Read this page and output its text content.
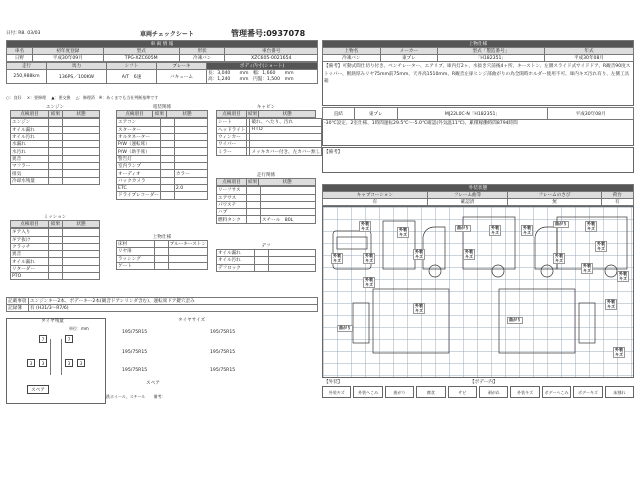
日付: R8. 03/03	車両チェックシート	管理番号:0937078
車 両 情 報				
車名	初年度登録	型式	形状	車台番号
日野	平成30年09月	TPG-XZC605M	冷凍バン	XZC605-0021654
走行	馬力	シフト	ブレーキ	ボディ内寸(ショート)
250,988km	136PS／100KW	A/T　6速	バキューム	長：3,040　　mm　幅：1,660　　mm
高：1,240　　mm　円盤：1,500　mm
○：良好　 ×：要修理　 ▲：要交換　 △：修理済　※：あくまでも当社判断基準です
エンジン
点検項目	結果	状態
エンジン		
オイル漏れ		
オイル汚れ		
水漏れ		
水汚れ		
異音		
マフラー		
排気		
冷却水残量		
電装関係
点検項目	結果	状態
エアコン		
スターター		
オルタネーター		
P/W（運転席）		
P/W（助手席）		
警告灯		
室内ランプ		
オーディオ		カラー
バックカメラ		
ETC		2.0
ドライブレコーダー		
キャビン
点検項目	結果	状態
シート		破れ、へたり、汚れ
ヘッドライト		H I D
ウィンカー		
ワイパー		
ミラー		メッキカバー付き、左カバー無し
走行関係
点検項目	結果	状態
リーフサス		
エアサス		
パワステ		
ハブ		
燃料タンク		スチール　80L
ミッション
点検項目	結果	状態
ギア入り		
ギア抜け		
クラッチ		
異音		
オイル漏れ		
リターダー		
PTO		
上物仕様
床材		ブルーキーストン
リヤ扉		
ラッシング		
ゲート		
デフ
オイル漏れ		
オイル汚れ		
デフロック		
記載事項	エンジンキー2本、ボデーキー2本(観音ドアシリンダ含む)、運転席ドア鍵穴歪み
記録簿	有 (H31/3～R7/6)
タイヤ残量
単位：mm
7	7
3	3	3	3
スペア
タイヤサイズ
195/75R15	195/75R15
195/75R15	195/75R15
195/75R15	195/75R15
スペア
鉄ホイール、スチール　　備考：
上物仕様			
上物名	メーカー	型式「製造番号」	年式
冷凍バン	東プレ	「H182351」	平成30年08月
【備考】可動式間仕切り付き、ベンチレーター、エアリブ、庫内灯2ヶ、水抜き穴前後4ヶ所、キーストン、左側スライド式サイドドア、R観音90度ストッパー、断熱厚みリヤ75mm前75mm、天井高1510mm、R観音左扉ヒンジ部曲がりの為全開時ホルダー使用不可、庫内キズ汚れ有り、左側工具箱
直結	東プレ	MJ22L0C-N「H182351」	平成30年08月
-30℃設定、2室仕様、1時間運転29.5℃～-5.0℃確認(外気温11℃)、累積稼働時間8794時間
【備考】
外装状態			
キャブコーション	フレーム曲等	フレームのさび	荷台
有	確認済	無	有
外装
キズ	外装
キズ
曲がり	外装
キズ
外装
キズ
曲がり	外装
キズ
外装
キズ
外装
キズ
外装
キズ
外装
キズ
外装
キズ	外装
キズ
外装
キズ
外装
キズ
外装
キズ
曲がり
曲がり
外装
キズ
外装
キズ
外装
キズ
【外装】	【ボデー内】
外装キズ	外装へこみ	曲がり	腐食	サビ	剥がれ	外装キズ	ボデーへこみ	ボデーキズ	床割れ
